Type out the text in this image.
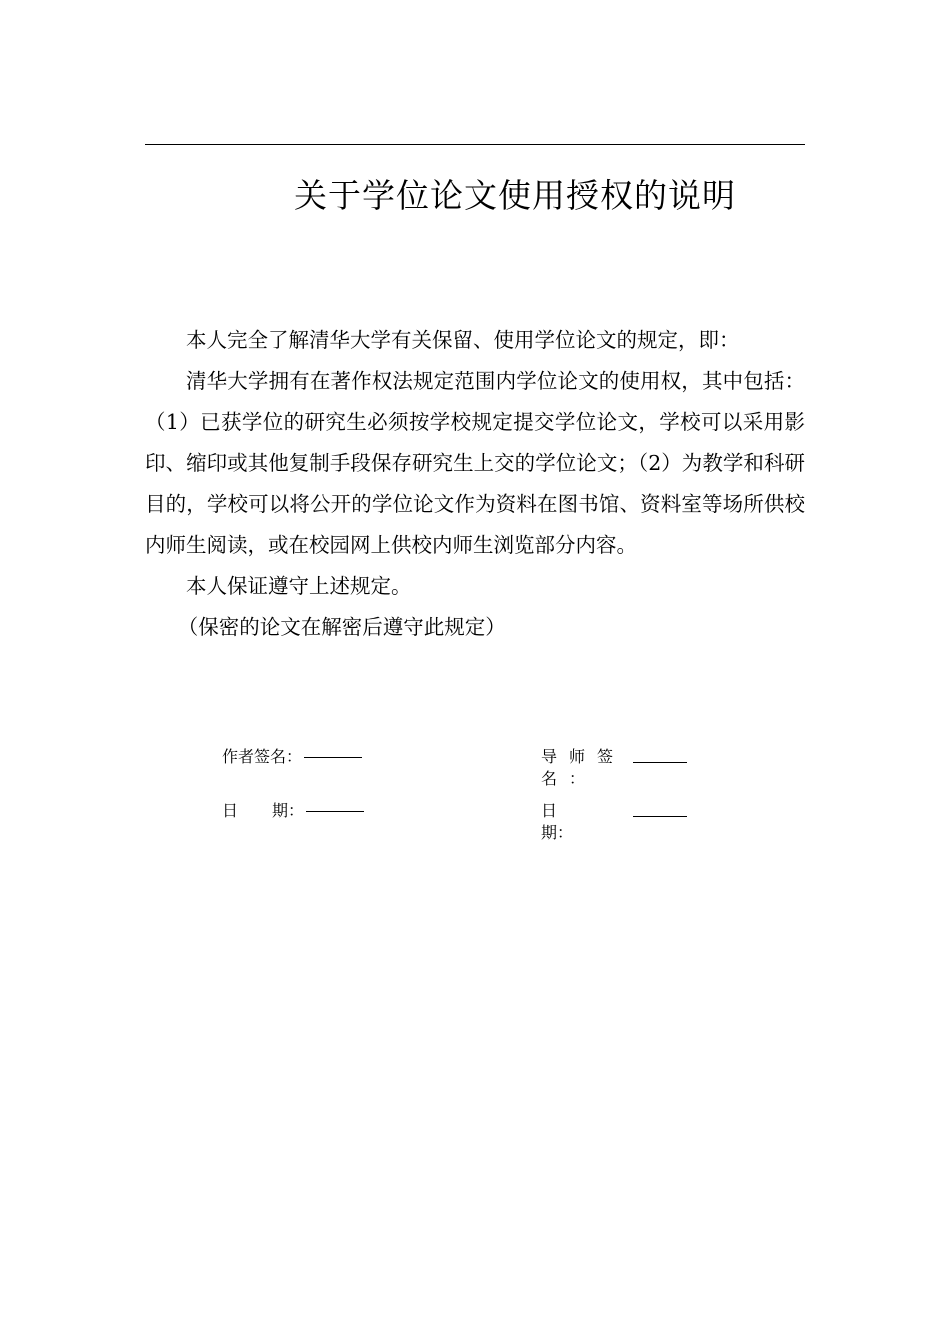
关于学位论文使用授权的说明

本人完全了解清华大学有关保留、使用学位论文的规定，即：

清华大学拥有在著作权法规定范围内学位论文的使用权，其中包括：（1）已获学位的研究生必须按学校规定提交学位论文，学校可以采用影印、缩印或其他复制手段保存研究生上交的学位论文；（2）为教学和科研目的，学校可以将公开的学位论文作为资料在图书馆、资料室等场所供校内师生阅读，或在校园网上供校内师生浏览部分内容。

本人保证遵守上述规定。

（保密的论文在解密后遵守此规定）

作者签名：
日 期：
导师签名：
日期：
